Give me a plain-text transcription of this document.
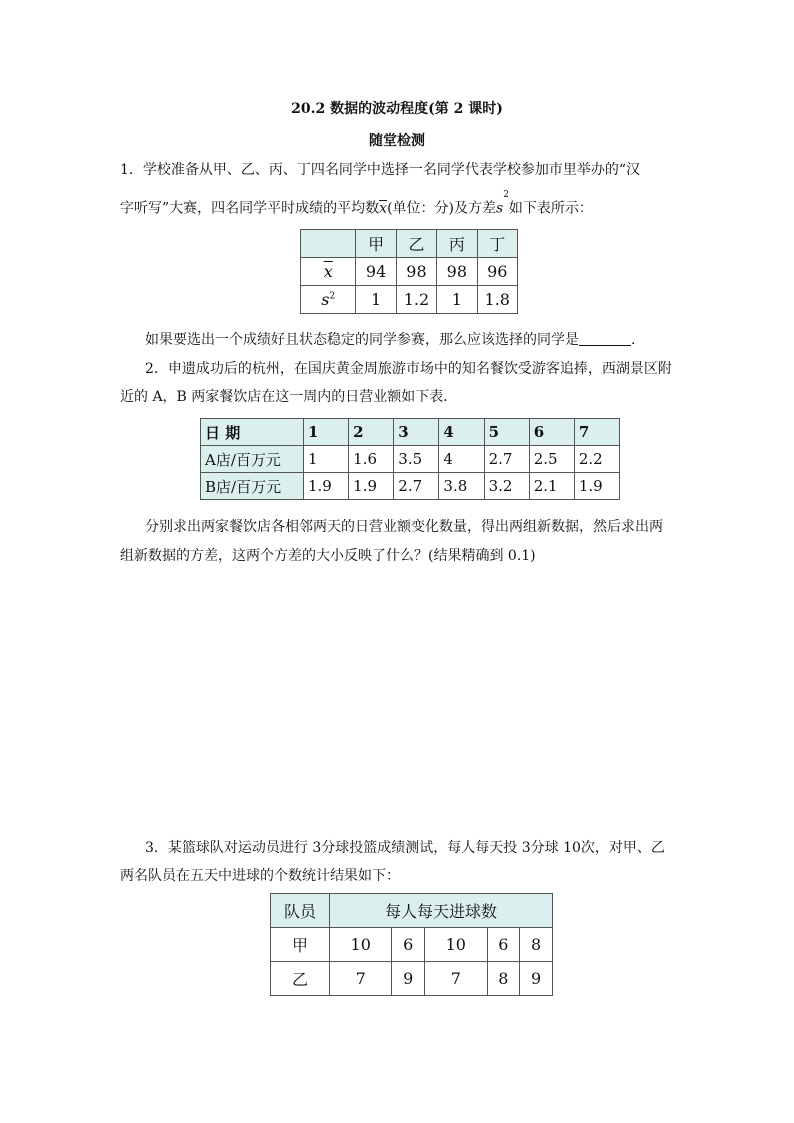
20.2 数据的波动程度(第 2 课时)
随堂检测
1．学校准备从甲、乙、丙、丁四名同学中选择一名同学代表学校参加市里举办的“汉
字听写”大赛，四名同学平时成绩的平均数$\overline{x}$(单位：分)及方差$s^2$如下表所示：
	甲	乙	丙	丁
$\overline{x}$	94	98	98	96
$s^2$	1	1.2	1	1.8
如果要选出一个成绩好且状态稳定的同学参赛，那么应该选择的同学是	．
2．申遗成功后的杭州，在国庆黄金周旅游市场中的知名餐饮受游客追捧，西湖景区附
近的 A，B 两家餐饮店在这一周内的日营业额如下表．
日 期	1	2	3	4	5	6	7
A店/百万元	1	1.6	3.5	4	2.7	2.5	2.2
B店/百万元	1.9	1.9	2.7	3.8	3.2	2.1	1.9
分别求出两家餐饮店各相邻两天的日营业额变化数量，得出两组新数据，然后求出两
组新数据的方差，这两个方差的大小反映了什么？(结果精确到 0.1)
3．某篮球队对运动员进行 3分球投篮成绩测试，每人每天投 3分球 10次，对甲、乙
两名队员在五天中进球的个数统计结果如下：
队员	每人每天进球数				
甲	10	6	10	6	8
乙	7	9	7	8	9
